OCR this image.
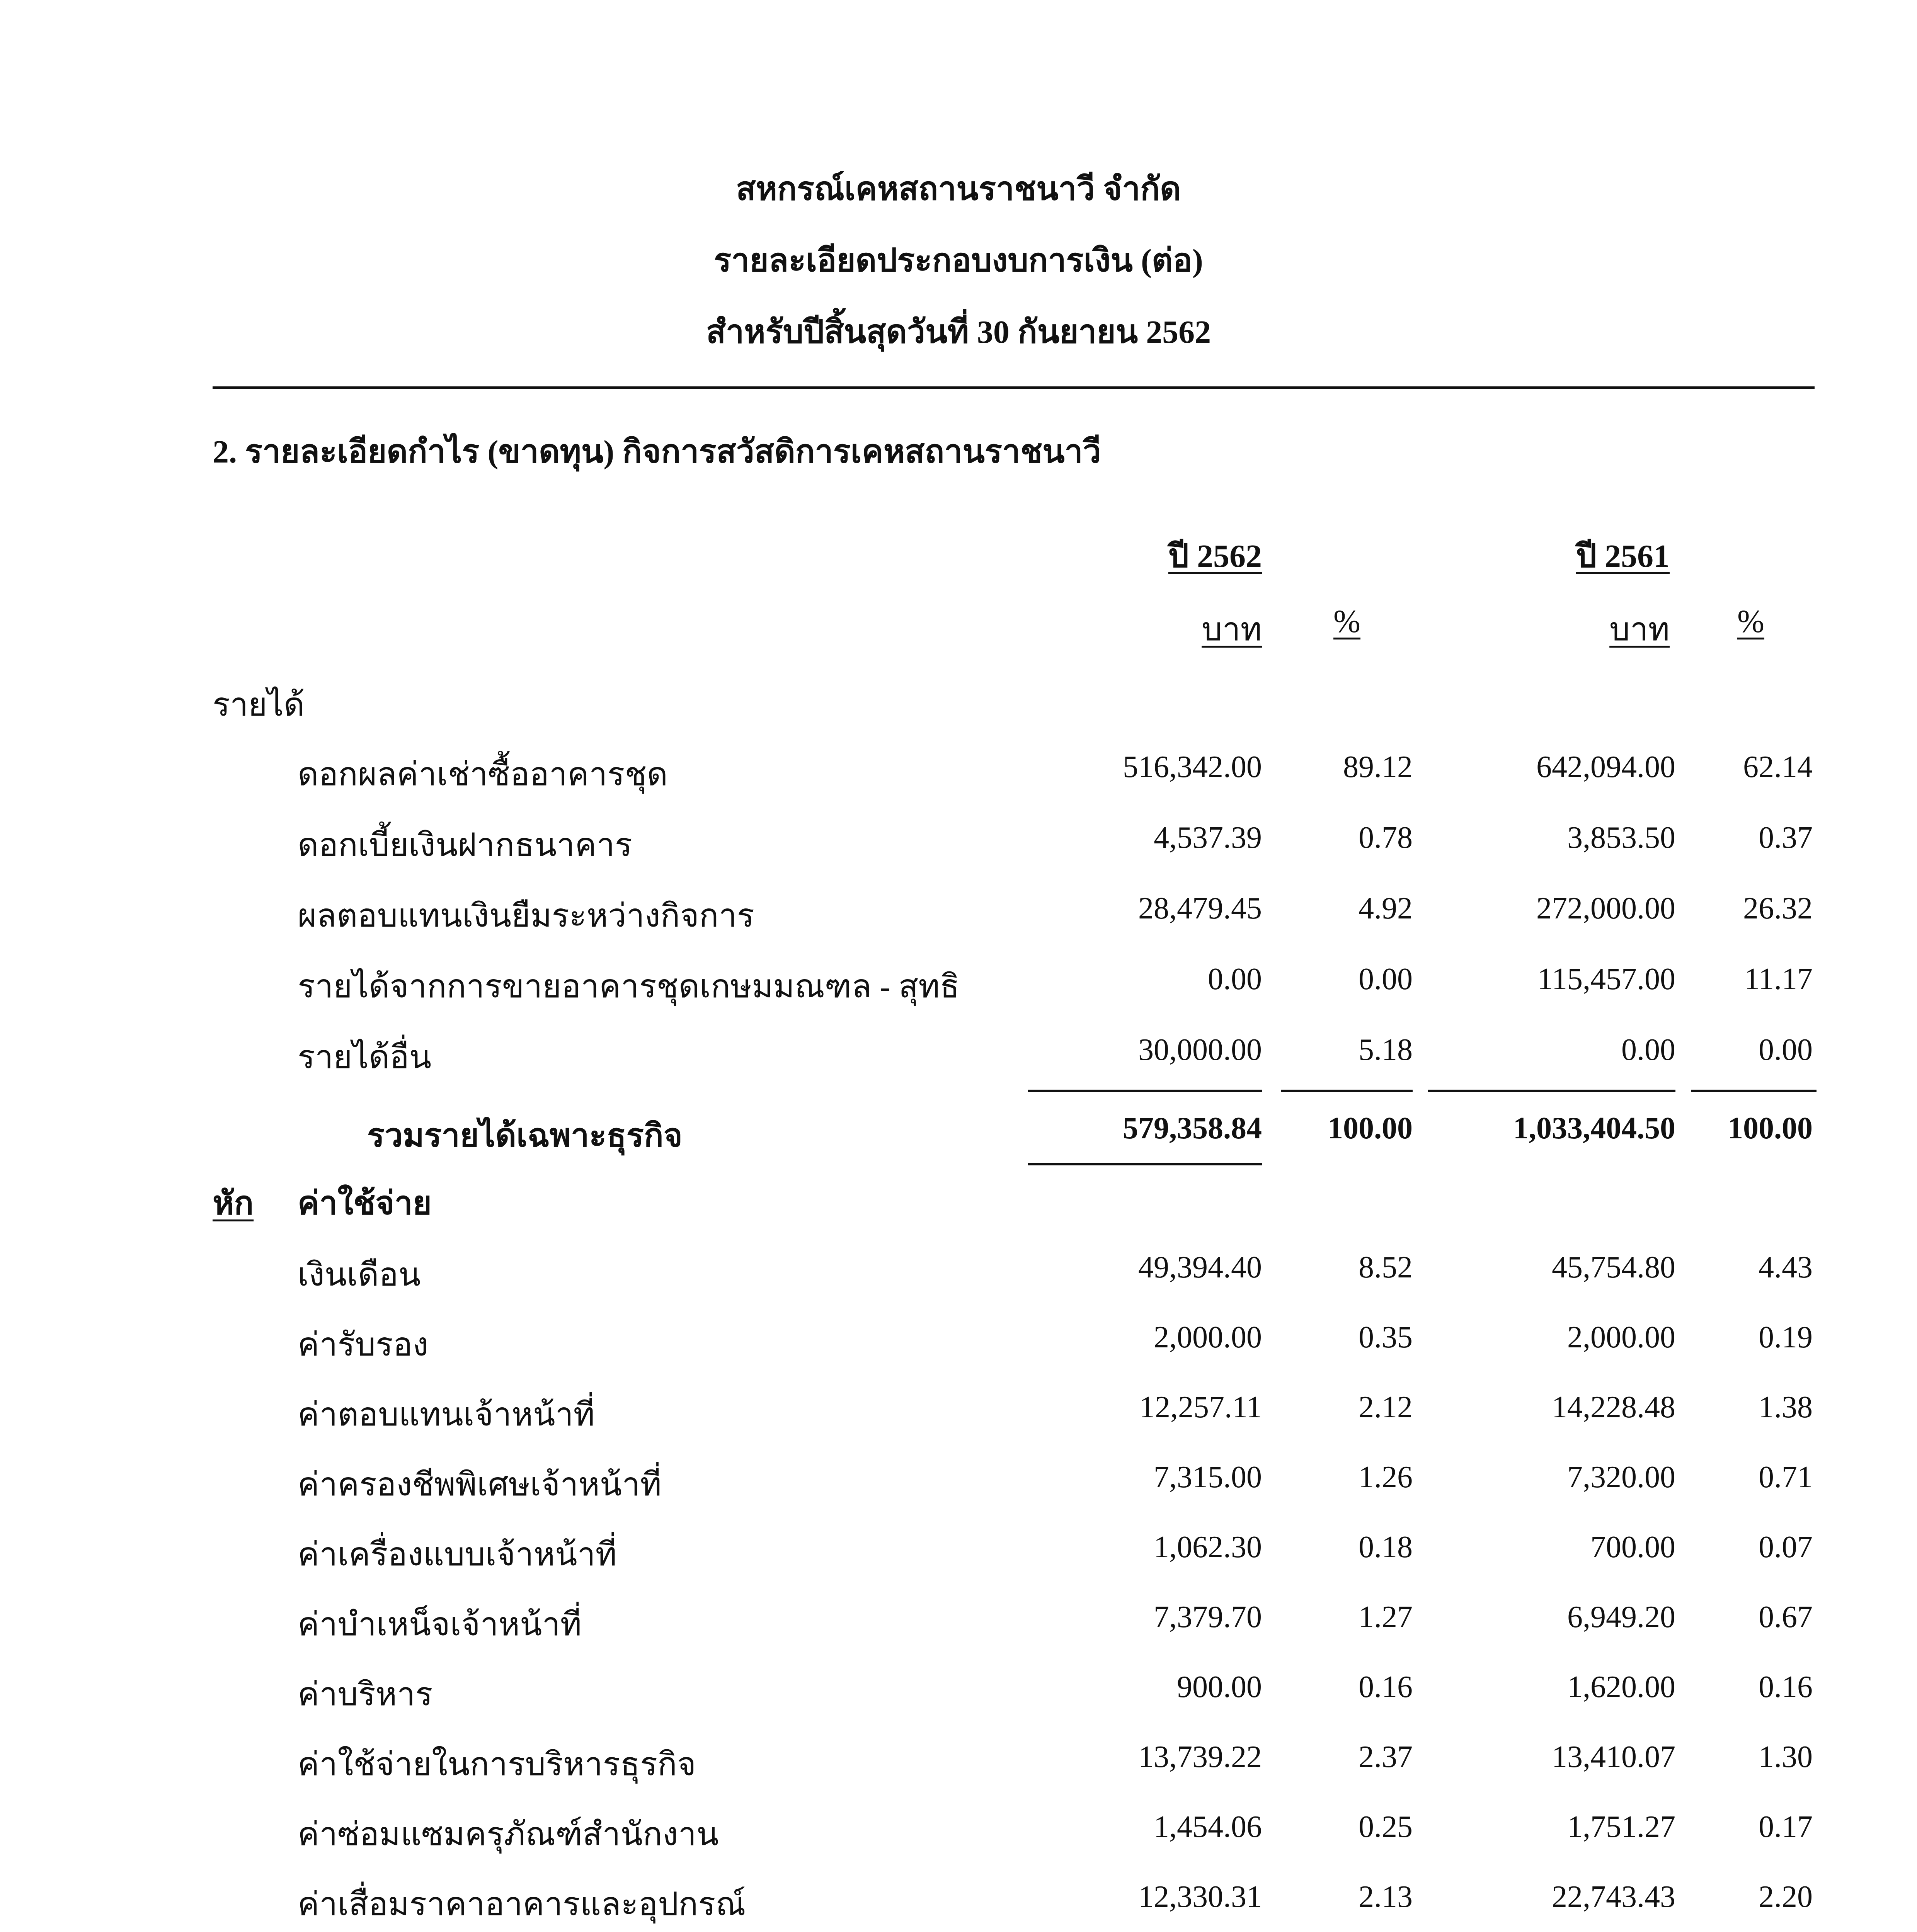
สหกรณ์เคหสถานราชนาวี จำกัด
รายละเอียดประกอบงบการเงิน (ต่อ)
สำหรับปีสิ้นสุดวันที่ 30 กันยายน 2562
2. รายละเอียดกำไร (ขาดทุน) กิจการสวัสดิการเคหสถานราชนาวี
ปี 2562	ปี 2561
บาท %	บาท %
รายได้
ดอกผลค่าเช่าซื้ออาคารชุด	516,342.00	89.12	642,094.00	62.14
ดอกเบี้ยเงินฝากธนาคาร	4,537.39	0.78	3,853.50	0.37
ผลตอบแทนเงินยืมระหว่างกิจการ	28,479.45	4.92	272,000.00	26.32
รายได้จากการขายอาคารชุดเกษมมณฑล - สุทธิ	0.00	0.00	115,457.00	11.17
รายได้อื่น	30,000.00	5.18	0.00	0.00
รวมรายได้เฉพาะธุรกิจ	579,358.84	100.00	1,033,404.50	100.00
หัก ค่าใช้จ่าย
เงินเดือน	49,394.40	8.52	45,754.80	4.43
ค่ารับรอง	2,000.00	0.35	2,000.00	0.19
ค่าตอบแทนเจ้าหน้าที่	12,257.11	2.12	14,228.48	1.38
ค่าครองชีพพิเศษเจ้าหน้าที่	7,315.00	1.26	7,320.00	0.71
ค่าเครื่องแบบเจ้าหน้าที่	1,062.30	0.18	700.00	0.07
ค่าบำเหน็จเจ้าหน้าที่	7,379.70	1.27	6,949.20	0.67
ค่าบริหาร	900.00	0.16	1,620.00	0.16
ค่าใช้จ่ายในการบริหารธุรกิจ	13,739.22	2.37	13,410.07	1.30
ค่าซ่อมแซมครุภัณฑ์สำนักงาน	1,454.06	0.25	1,751.27	0.17
ค่าเสื่อมราคาอาคารและอุปกรณ์	12,330.31	2.13	22,743.43	2.20
